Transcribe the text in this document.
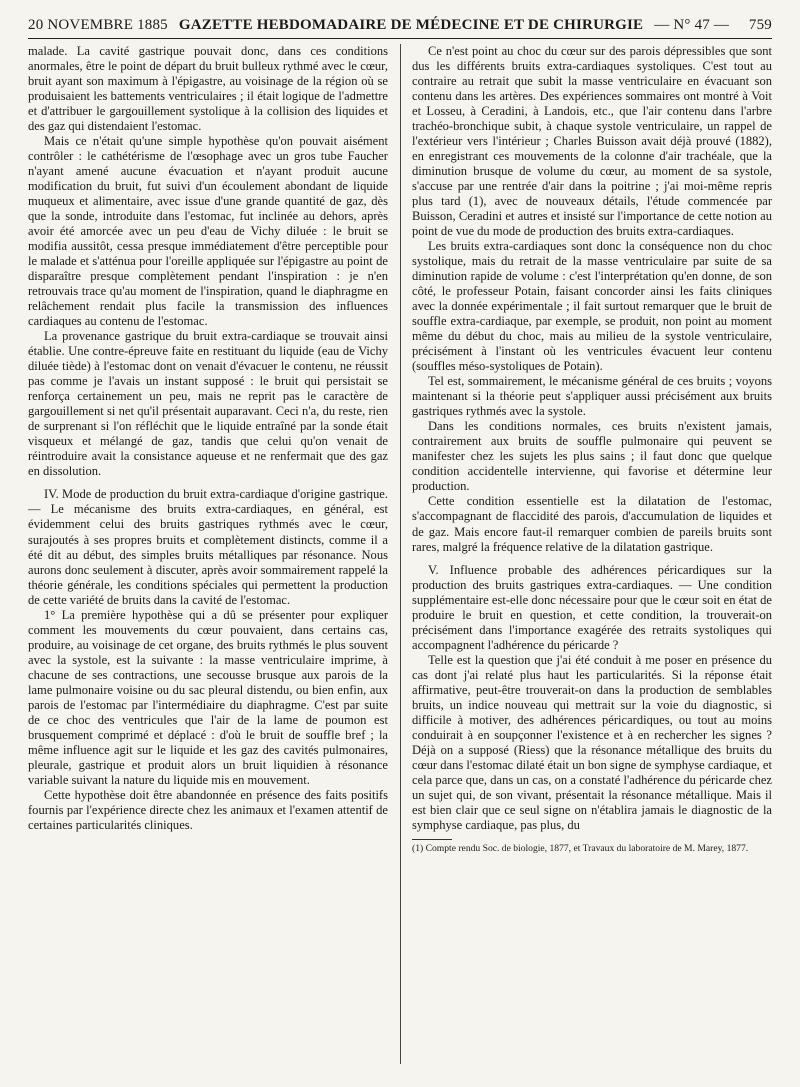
20 NOVEMBRE 1885 GAZETTE HEBDOMADAIRE DE MÉDECINE ET DE CHIRURGIE — N° 47 — 759

malade. La cavité gastrique pouvait donc, dans ces conditions anormales, être le point de départ du bruit bulleux rythmé avec le cœur, bruit ayant son maximum à l'épigastre, au voisinage de la région où se produisaient les battements ventriculaires ; il était logique de l'admettre et d'attribuer le gargouillement systolique à la collision des liquides et des gaz qui distendaient l'estomac.

Mais ce n'était qu'une simple hypothèse qu'on pouvait aisément contrôler : le cathétérisme de l'œsophage avec un gros tube Faucher n'ayant amené aucune évacuation et n'ayant produit aucune modification du bruit, fut suivi d'un écoulement abondant de liquide muqueux et alimentaire, avec issue d'une grande quantité de gaz, dès que la sonde, introduite dans l'estomac, fut inclinée au dehors, après avoir été amorcée avec un peu d'eau de Vichy diluée : le bruit se modifia aussitôt, cessa presque immédiatement d'être perceptible pour le malade et s'atténua pour l'oreille appliquée sur l'épigastre au point de disparaître presque complètement pendant l'inspiration : je n'en retrouvais trace qu'au moment de l'inspiration, quand le diaphragme en relâchement rendait plus facile la transmission des influences cardiaques au contenu de l'estomac.

La provenance gastrique du bruit extra-cardiaque se trouvait ainsi établie. Une contre-épreuve faite en restituant du liquide (eau de Vichy diluée tiède) à l'estomac dont on venait d'évacuer le contenu, ne réussit pas comme je l'avais un instant supposé : le bruit qui persistait se renforça certainement un peu, mais ne reprit pas le caractère de gargouillement si net qu'il présentait auparavant. Ceci n'a, du reste, rien de surprenant si l'on réfléchit que le liquide entraîné par la sonde était visqueux et mélangé de gaz, tandis que celui qu'on venait de réintroduire avait la consistance aqueuse et ne renfermait que des gaz en dissolution.

IV. Mode de production du bruit extra-cardiaque d'origine gastrique. — Le mécanisme des bruits extra-cardiaques, en général, est évidemment celui des bruits gastriques rythmés avec le cœur, surajoutés à ses propres bruits et complètement distincts, comme il a été dit au début, des simples bruits métalliques par résonance. Nous aurons donc seulement à discuter, après avoir sommairement rappelé la théorie générale, les conditions spéciales qui permettent la production de cette variété de bruits dans la cavité de l'estomac.

1° La première hypothèse qui a dû se présenter pour expliquer comment les mouvements du cœur pouvaient, dans certains cas, produire, au voisinage de cet organe, des bruits rythmés le plus souvent avec la systole, est la suivante : la masse ventriculaire imprime, à chacune de ses contractions, une secousse brusque aux parois de la lame pulmonaire voisine ou du sac pleural distendu, ou bien enfin, aux parois de l'estomac par l'intermédiaire du diaphragme. C'est par suite de ce choc des ventricules que l'air de la lame de poumon est brusquement comprimé et déplacé : d'où le bruit de souffle bref ; la même influence agit sur le liquide et les gaz des cavités pulmonaires, pleurale, gastrique et produit alors un bruit liquidien à résonance variable suivant la nature du liquide mis en mouvement.

Cette hypothèse doit être abandonnée en présence des faits positifs fournis par l'expérience directe chez les animaux et l'examen attentif de certaines particularités cliniques.

Ce n'est point au choc du cœur sur des parois dépressibles que sont dus les différents bruits extra-cardiaques systoliques. C'est tout au contraire au retrait que subit la masse ventriculaire en évacuant son contenu dans les artères. Des expériences sommaires ont montré à Voit et Losseu, à Ceradini, à Landois, etc., que l'air contenu dans l'arbre trachéo-bronchique subit, à chaque systole ventriculaire, un rappel de l'extérieur vers l'intérieur ; Charles Buisson avait déjà prouvé (1882), en enregistrant ces mouvements de la colonne d'air trachéale, que la diminution brusque de volume du cœur, au moment de sa systole, s'accuse par une rentrée d'air dans la poitrine ; j'ai moi-même repris plus tard (1), avec de nouveaux détails, l'étude commencée par Buisson, Ceradini et autres et insisté sur l'importance de cette notion au point de vue du mode de production des bruits extra-cardiaques.

Les bruits extra-cardiaques sont donc la conséquence non du choc systolique, mais du retrait de la masse ventriculaire par suite de sa diminution rapide de volume : c'est l'interprétation qu'en donne, de son côté, le professeur Potain, faisant concorder ainsi les faits cliniques avec la donnée expérimentale ; il fait surtout remarquer que le bruit de souffle extra-cardiaque, par exemple, se produit, non point au moment même du début du choc, mais au milieu de la systole ventriculaire, précisément à l'instant où les ventricules évacuent leur contenu (souffles méso-systoliques de Potain).

Tel est, sommairement, le mécanisme général de ces bruits ; voyons maintenant si la théorie peut s'appliquer aussi précisément aux bruits gastriques rythmés avec la systole.

Dans les conditions normales, ces bruits n'existent jamais, contrairement aux bruits de souffle pulmonaire qui peuvent se manifester chez les sujets les plus sains ; il faut donc que quelque condition accidentelle intervienne, qui favorise et détermine leur production.

Cette condition essentielle est la dilatation de l'estomac, s'accompagnant de flaccidité des parois, d'accumulation de liquides et de gaz. Mais encore faut-il remarquer combien de pareils bruits sont rares, malgré la fréquence relative de la dilatation gastrique.

V. Influence probable des adhérences péricardiques sur la production des bruits gastriques extra-cardiaques. — Une condition supplémentaire est-elle donc nécessaire pour que le cœur soit en état de produire le bruit en question, et cette condition, la trouverait-on précisément dans l'importance exagérée des retraits systoliques qui accompagnent l'adhérence du péricarde ?

Telle est la question que j'ai été conduit à me poser en présence du cas dont j'ai relaté plus haut les particularités. Si la réponse était affirmative, peut-être trouverait-on dans la production de semblables bruits, un indice nouveau qui mettrait sur la voie du diagnostic, si difficile à motiver, des adhérences péricardiques, ou tout au moins conduirait à en soupçonner l'existence et à en rechercher les signes ? Déjà on a supposé (Riess) que la résonance métallique des bruits du cœur dans l'estomac dilaté était un bon signe de symphyse cardiaque, et cela parce que, dans un cas, on a constaté l'adhérence du péricarde chez un sujet qui, de son vivant, présentait la résonance métallique. Mais il est bien clair que ce seul signe on n'établira jamais le diagnostic de la symphyse cardiaque, pas plus, du

(1) Compte rendu Soc. de biologie, 1877, et Travaux du laboratoire de M. Marey, 1877.
